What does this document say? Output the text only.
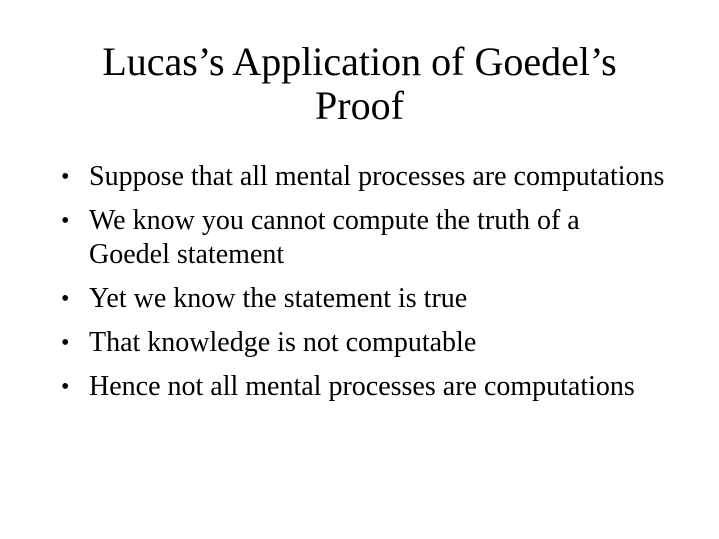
Lucas’s Application of Goedel’s
Proof
• Suppose that all mental processes are computations
• We know you cannot compute the truth of a Goedel statement
• Yet we know the statement is true
• That knowledge is not computable
• Hence not all mental processes are computations
